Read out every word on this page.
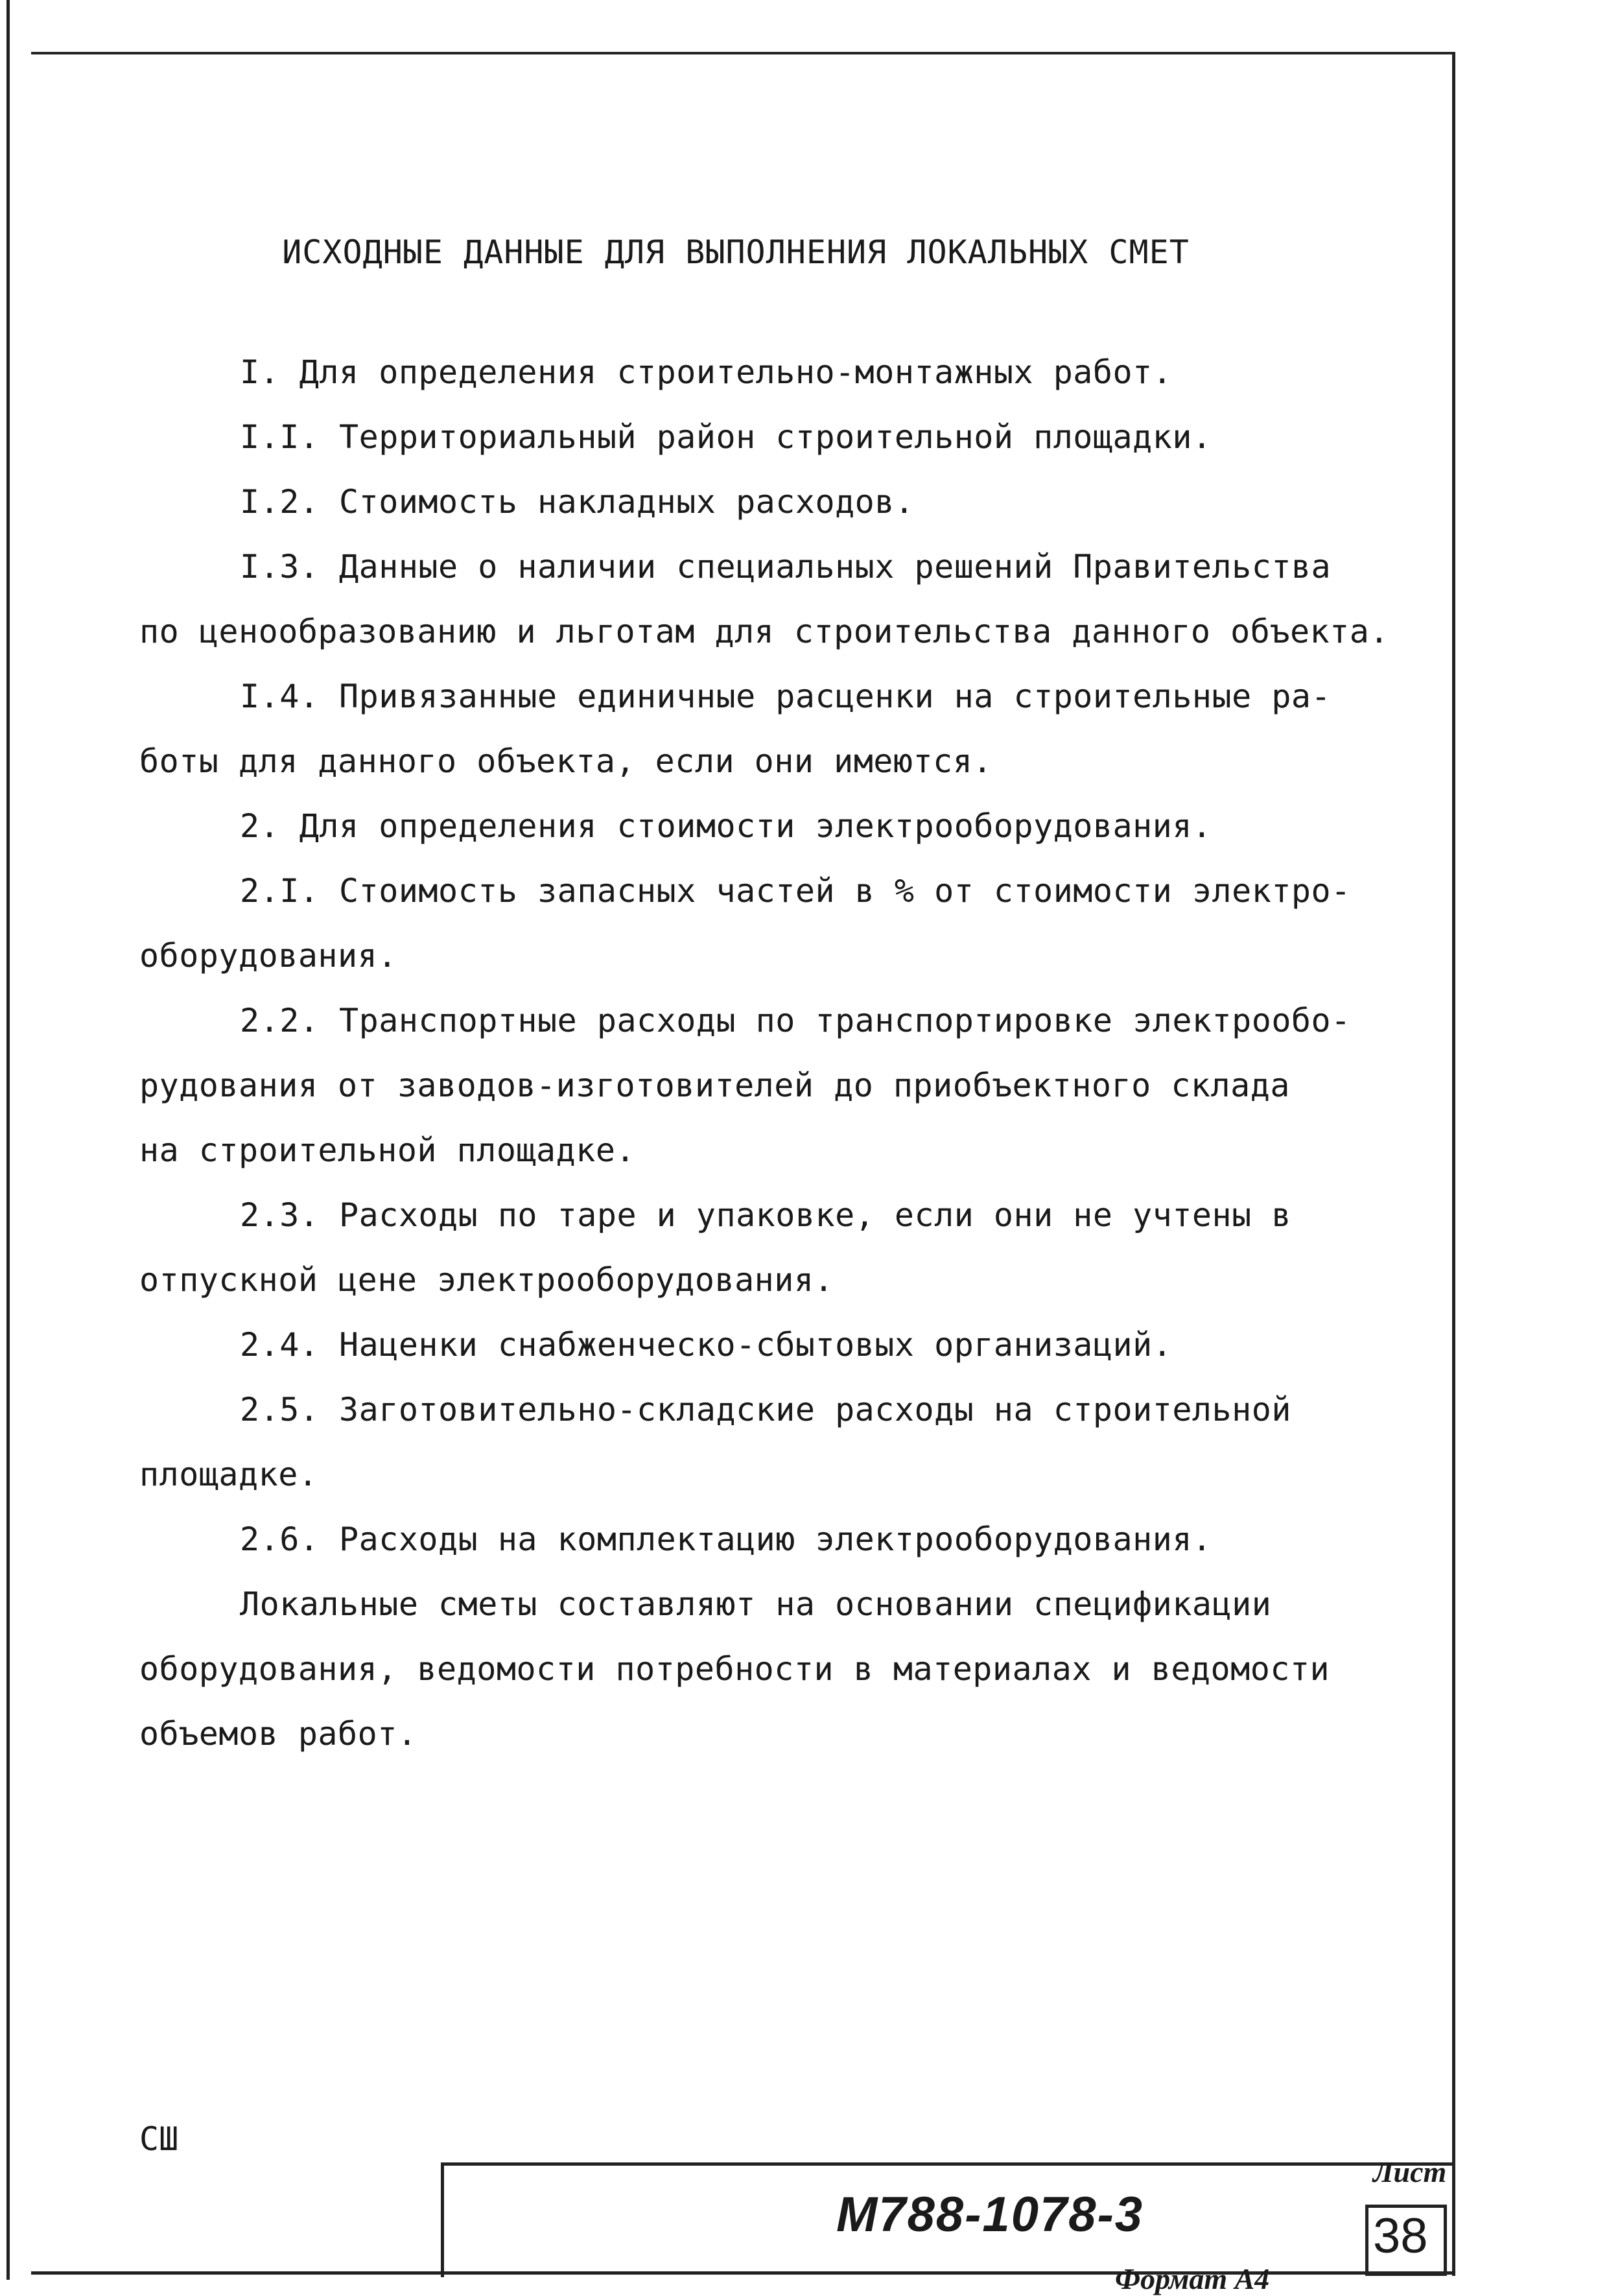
ИСХОДНЫЕ ДАННЫЕ ДЛЯ ВЫПОЛНЕНИЯ ЛОКАЛЬНЫХ СМЕТ
I. Для определения строительно-монтажных работ.
I.I. Территориальный район строительной площадки.
I.2. Стоимость накладных расходов.
I.3. Данные о наличии специальных решений Правительства
по ценообразованию и льготам для строительства данного объекта.
I.4. Привязанные единичные расценки на строительные ра-
боты для данного объекта, если они имеются.
2. Для определения стоимости электрооборудования.
2.I. Стоимость запасных частей в % от стоимости электро-
оборудования.
2.2. Транспортные расходы по транспортировке электрообо-
рудования от заводов-изготовителей до приобъектного склада
на строительной площадке.
2.3. Расходы по таре и упаковке, если они не учтены в
отпускной цене электрооборудования.
2.4. Наценки снабженческо-сбытовых организаций.
2.5. Заготовительно-складские расходы на строительной
площадке.
2.6. Расходы на комплектацию электрооборудования.
Локальные сметы составляют на основании спецификации
оборудования, ведомости потребности в материалах и ведомости
объемов работ.
СШ
М788-1078-3
Лист
38
Формат А4
